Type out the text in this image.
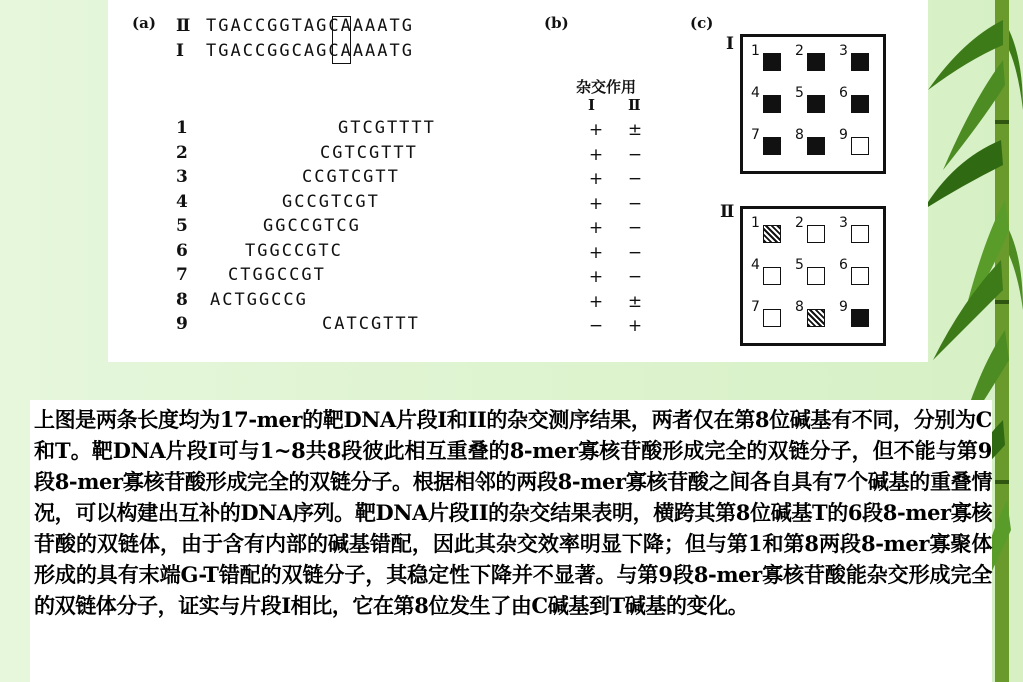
(a) Ⅱ TGACCGGTAGCAAAATG
Ⅰ TGACCGGCAGCAAAATG
(b)
杂交作用
Ⅰ Ⅱ
(c)
Ⅰ 1	2	3
4	5	6
7	8	9
Ⅱ
1	2	3
4	5	6
7	8	9
1	GTCGTTTT	+ ±
2	CGTCGTTT	+ −
3	CCGTCGTT	+ −
4	GCCGTCGT	+ −
5	GGCCGTCG	+ −
6	TGGCCGTC	+ −
7 CTGGCCGT	+ −
8 ACTGGCCG	+ ±
9	CATCGTTT	− +

上图是两条长度均为17-mer的靶DNA片段I和II的杂交测序结果，两者仅在第8位碱基有不同，分别为C和T。靶DNA片段I可与1~8共8段彼此相互重叠的8-mer寡核苷酸形成完全的双链分子，但不能与第9段8-mer寡核苷酸形成完全的双链分子。根据相邻的两段8-mer寡核苷酸之间各自具有7个碱基的重叠情况，可以构建出互补的DNA序列。靶DNA片段II的杂交结果表明，横跨其第8位碱基T的6段8-mer寡核苷酸的双链体，由于含有内部的碱基错配，因此其杂交效率明显下降；但与第1和第8两段8-mer寡聚体形成的具有末端G-T错配的双链分子，其稳定性下降并不显著。与第9段8-mer寡核苷酸能杂交形成完全的双链体分子，证实与片段I相比，它在第8位发生了由C碱基到T碱基的变化。
